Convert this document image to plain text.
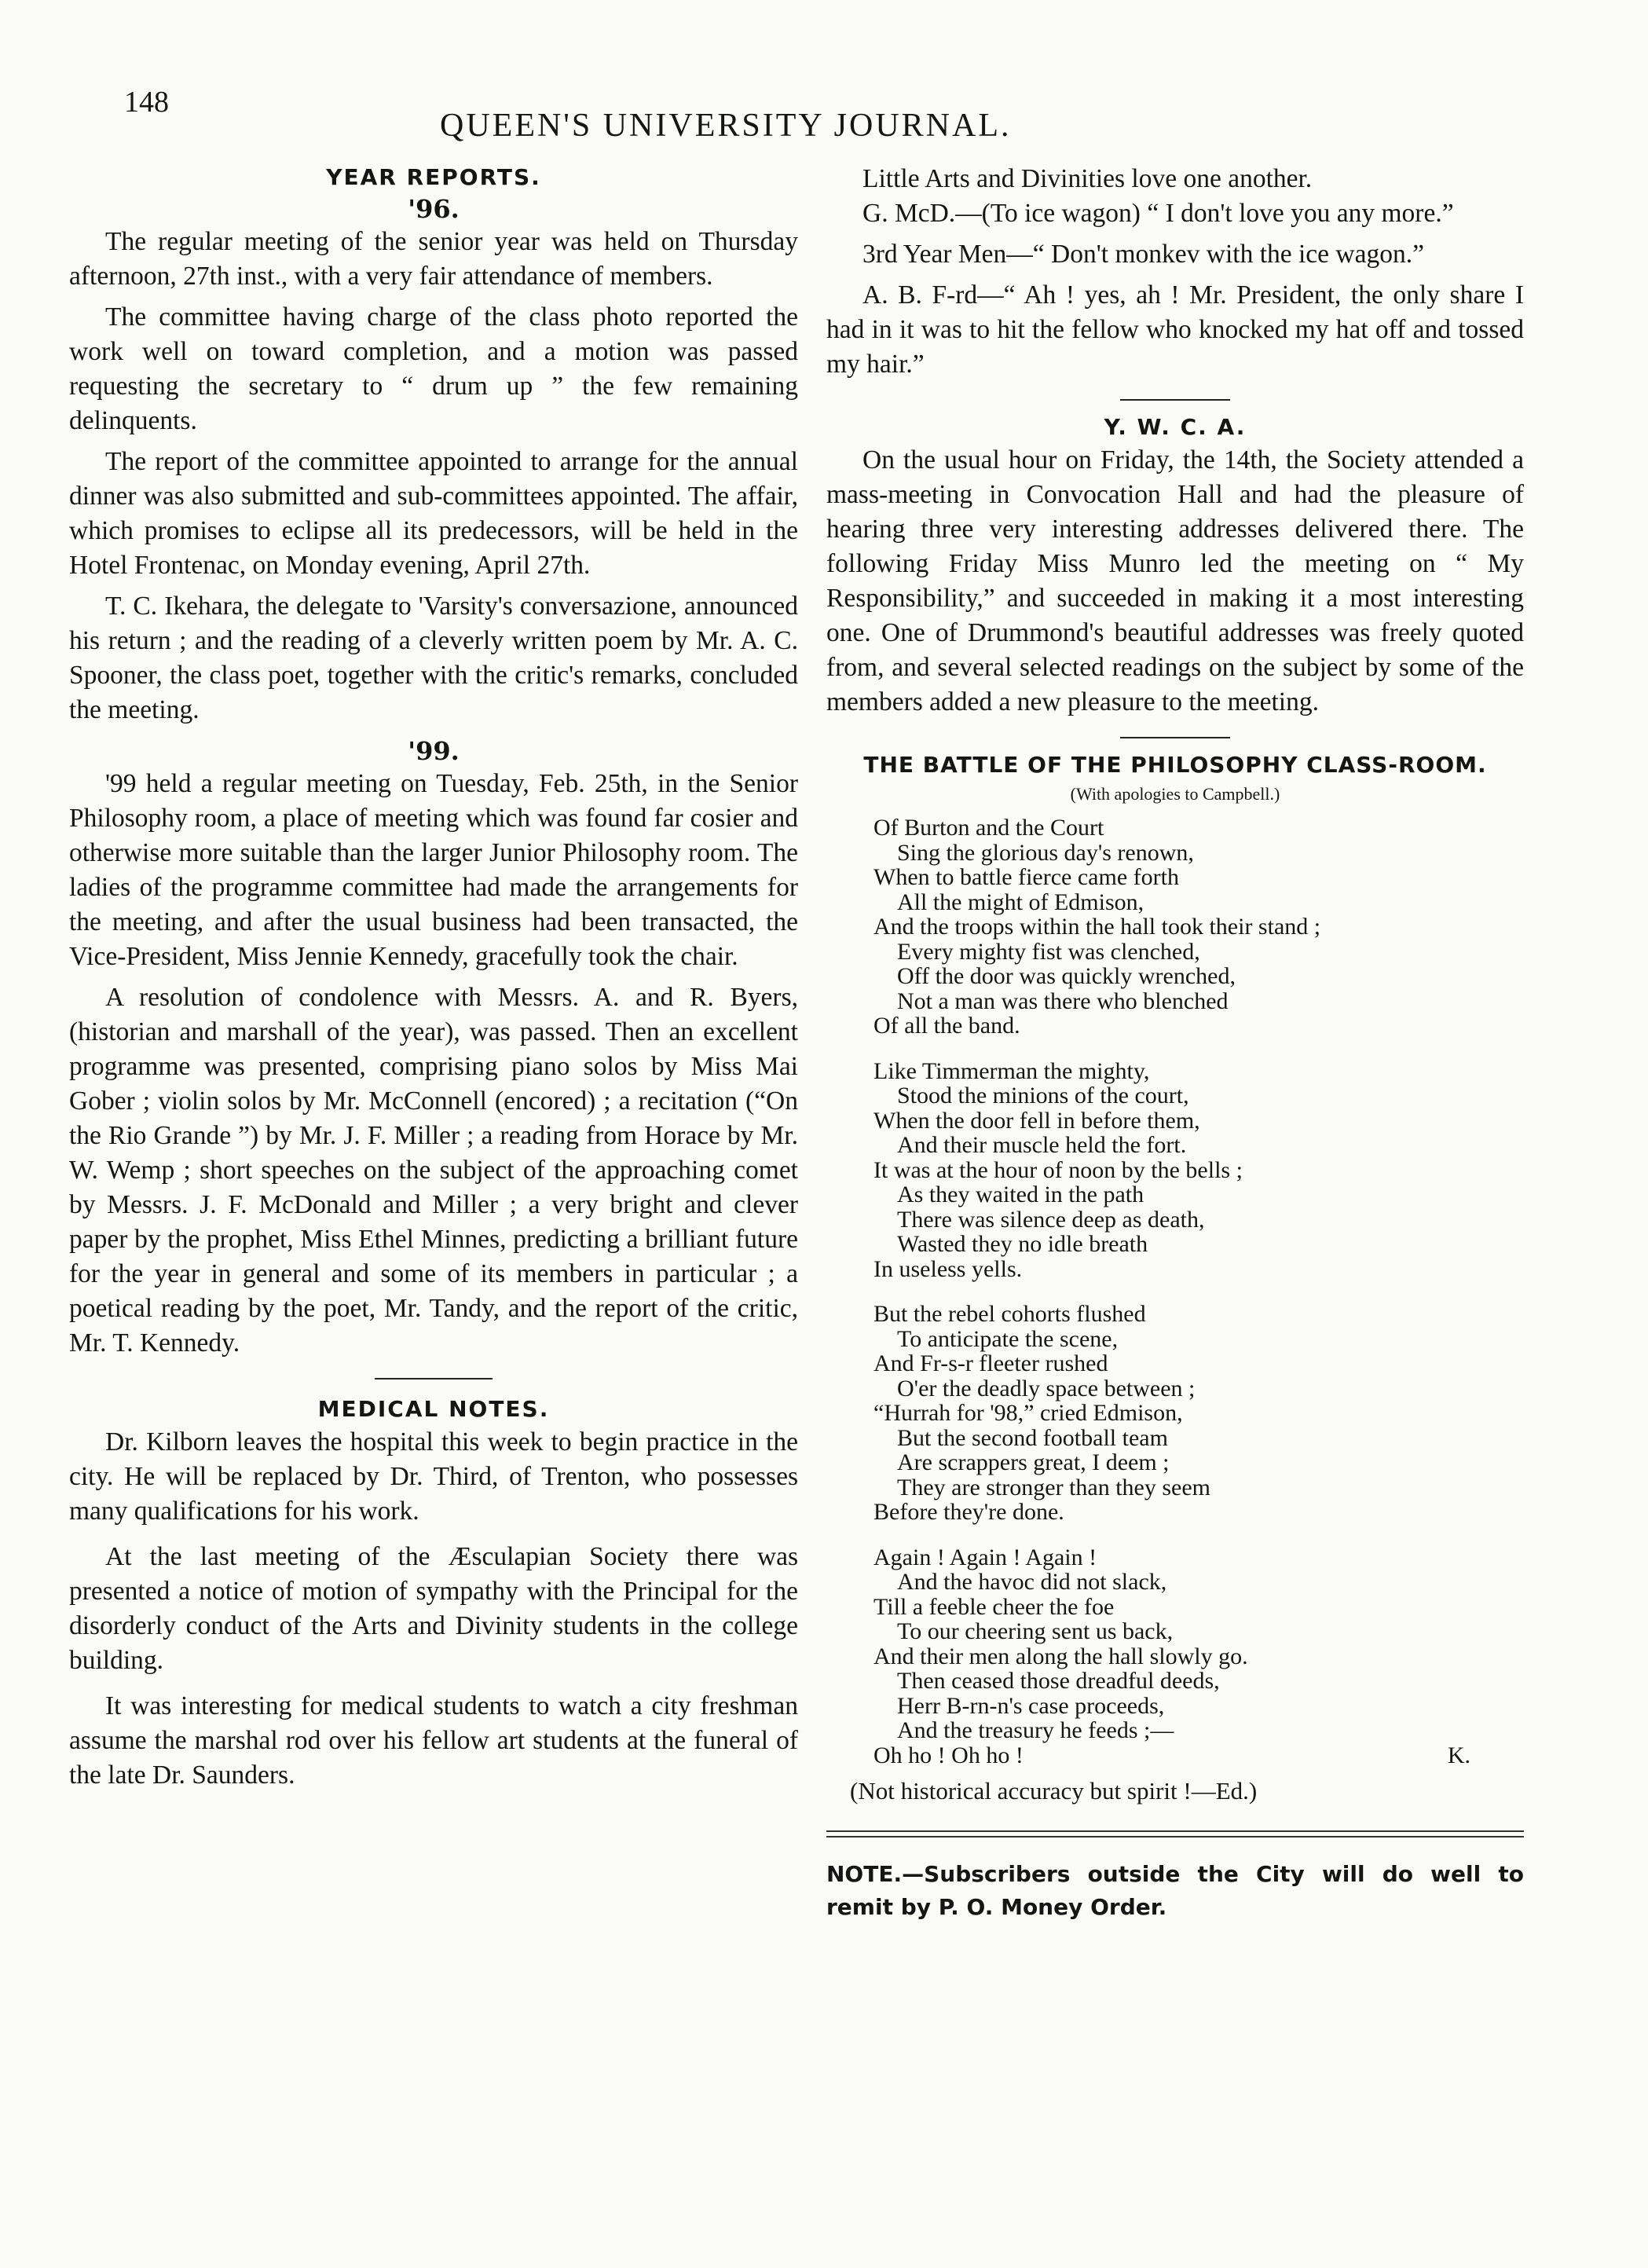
148
QUEEN'S UNIVERSITY JOURNAL.
YEAR REPORTS.
'96.

The regular meeting of the senior year was held on Thursday afternoon, 27th inst., with a very fair attendance of members.

The committee having charge of the class photo reported the work well on toward completion, and a motion was passed requesting the secretary to “ drum up ” the few remaining delinquents.

The report of the committee appointed to arrange for the annual dinner was also submitted and sub-committees appointed. The affair, which promises to eclipse all its predecessors, will be held in the Hotel Frontenac, on Monday evening, April 27th.

T. C. Ikehara, the delegate to 'Varsity's conversazione, announced his return ; and the reading of a cleverly written poem by Mr. A. C. Spooner, the class poet, together with the critic's remarks, concluded the meeting.

'99.

'99 held a regular meeting on Tuesday, Feb. 25th, in the Senior Philosophy room, a place of meeting which was found far cosier and otherwise more suitable than the larger Junior Philosophy room. The ladies of the programme committee had made the arrangements for the meeting, and after the usual business had been transacted, the Vice-President, Miss Jennie Kennedy, gracefully took the chair.

A resolution of condolence with Messrs. A. and R. Byers, (historian and marshall of the year), was passed. Then an excellent programme was presented, comprising piano solos by Miss Mai Gober ; violin solos by Mr. McConnell (encored) ; a recitation (“On the Rio Grande ”) by Mr. J. F. Miller ; a reading from Horace by Mr. W. Wemp ; short speeches on the subject of the approaching comet by Messrs. J. F. McDonald and Miller ; a very bright and clever paper by the prophet, Miss Ethel Minnes, predicting a brilliant future for the year in general and some of its members in particular ; a poetical reading by the poet, Mr. Tandy, and the report of the critic, Mr. T. Kennedy.

MEDICAL NOTES.

Dr. Kilborn leaves the hospital this week to begin practice in the city. He will be replaced by Dr. Third, of Trenton, who possesses many qualifications for his work.

At the last meeting of the Æsculapian Society there was presented a notice of motion of sympathy with the Principal for the disorderly conduct of the Arts and Divinity students in the college building.

It was interesting for medical students to watch a city freshman assume the marshal rod over his fellow art students at the funeral of the late Dr. Saunders.

Little Arts and Divinities love one another.

G. McD.—(To ice wagon) “ I don't love you any more.”

3rd Year Men—“ Don't monkev with the ice wagon.”

A. B. F-rd—“ Ah ! yes, ah ! Mr. President, the only share I had in it was to hit the fellow who knocked my hat off and tossed my hair.”

Y. W. C. A.

On the usual hour on Friday, the 14th, the Society attended a mass-meeting in Convocation Hall and had the pleasure of hearing three very interesting addresses delivered there. The following Friday Miss Munro led the meeting on “ My Responsibility,” and succeeded in making it a most interesting one. One of Drummond's beautiful addresses was freely quoted from, and several selected readings on the subject by some of the members added a new pleasure to the meeting.

THE BATTLE OF THE PHILOSOPHY CLASS-ROOM.
(With apologies to Campbell.)
Of Burton and the Court
Sing the glorious day's renown,
When to battle fierce came forth
All the might of Edmison,
And the troops within the hall took their stand ;
Every mighty fist was clenched,
Off the door was quickly wrenched,
Not a man was there who blenched
Of all the band.
Like Timmerman the mighty,
Stood the minions of the court,
When the door fell in before them,
And their muscle held the fort.
It was at the hour of noon by the bells ;
As they waited in the path
There was silence deep as death,
Wasted they no idle breath
In useless yells.
But the rebel cohorts flushed
To anticipate the scene,
And Fr-s-r fleeter rushed
O'er the deadly space between ;
“Hurrah for '98,” cried Edmison,
But the second football team
Are scrappers great, I deem ;
They are stronger than they seem
Before they're done.
Again ! Again ! Again !
And the havoc did not slack,
Till a feeble cheer the foe
To our cheering sent us back,
And their men along the hall slowly go.
Then ceased those dreadful deeds,
Herr B-rn-n's case proceeds,
And the treasury he feeds ;—
Oh ho ! Oh ho !	K.
(Not historical accuracy but spirit !—Ed.)
NOTE.—Subscribers outside the City will do well to remit by P. O. Money Order.
